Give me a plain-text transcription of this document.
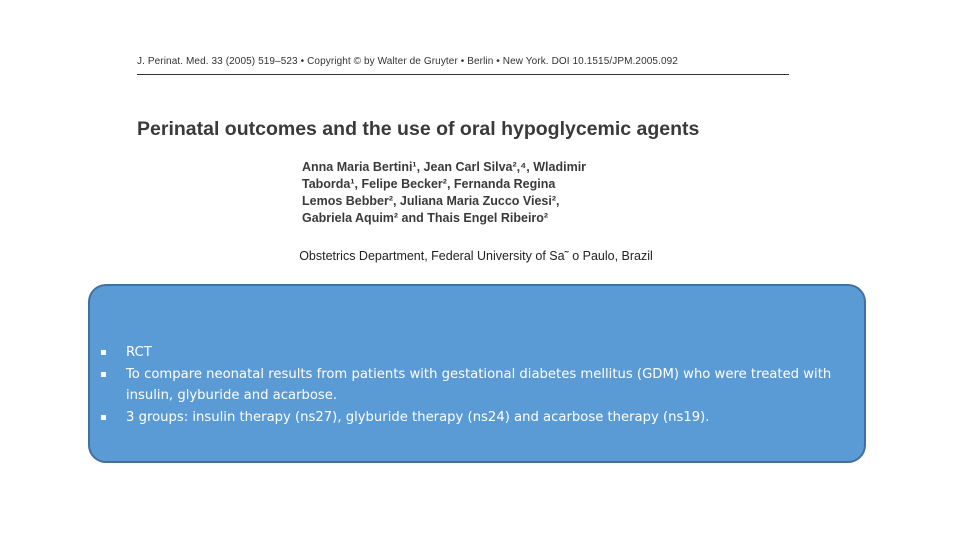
J. Perinat. Med. 33 (2005) 519–523 • Copyright © by Walter de Gruyter • Berlin • New York. DOI 10.1515/JPM.2005.092
Perinatal outcomes and the use of oral hypoglycemic agents
Anna Maria Bertini¹, Jean Carl Silva²,⁴, Wladimir
Taborda¹, Felipe Becker², Fernanda Regina
Lemos Bebber², Juliana Maria Zucco Viesi²,
Gabriela Aquim² and Thais Engel Ribeiro²
Obstetrics Department, Federal University of Sa˜ o Paulo, Brazil
▪	RCT
▪	To compare neonatal results from patients with gestational diabetes mellitus (GDM) who were treated with insulin, glyburide and acarbose.
▪	3 groups: insulin therapy (ns27), glyburide therapy (ns24) and acarbose therapy (ns19).
